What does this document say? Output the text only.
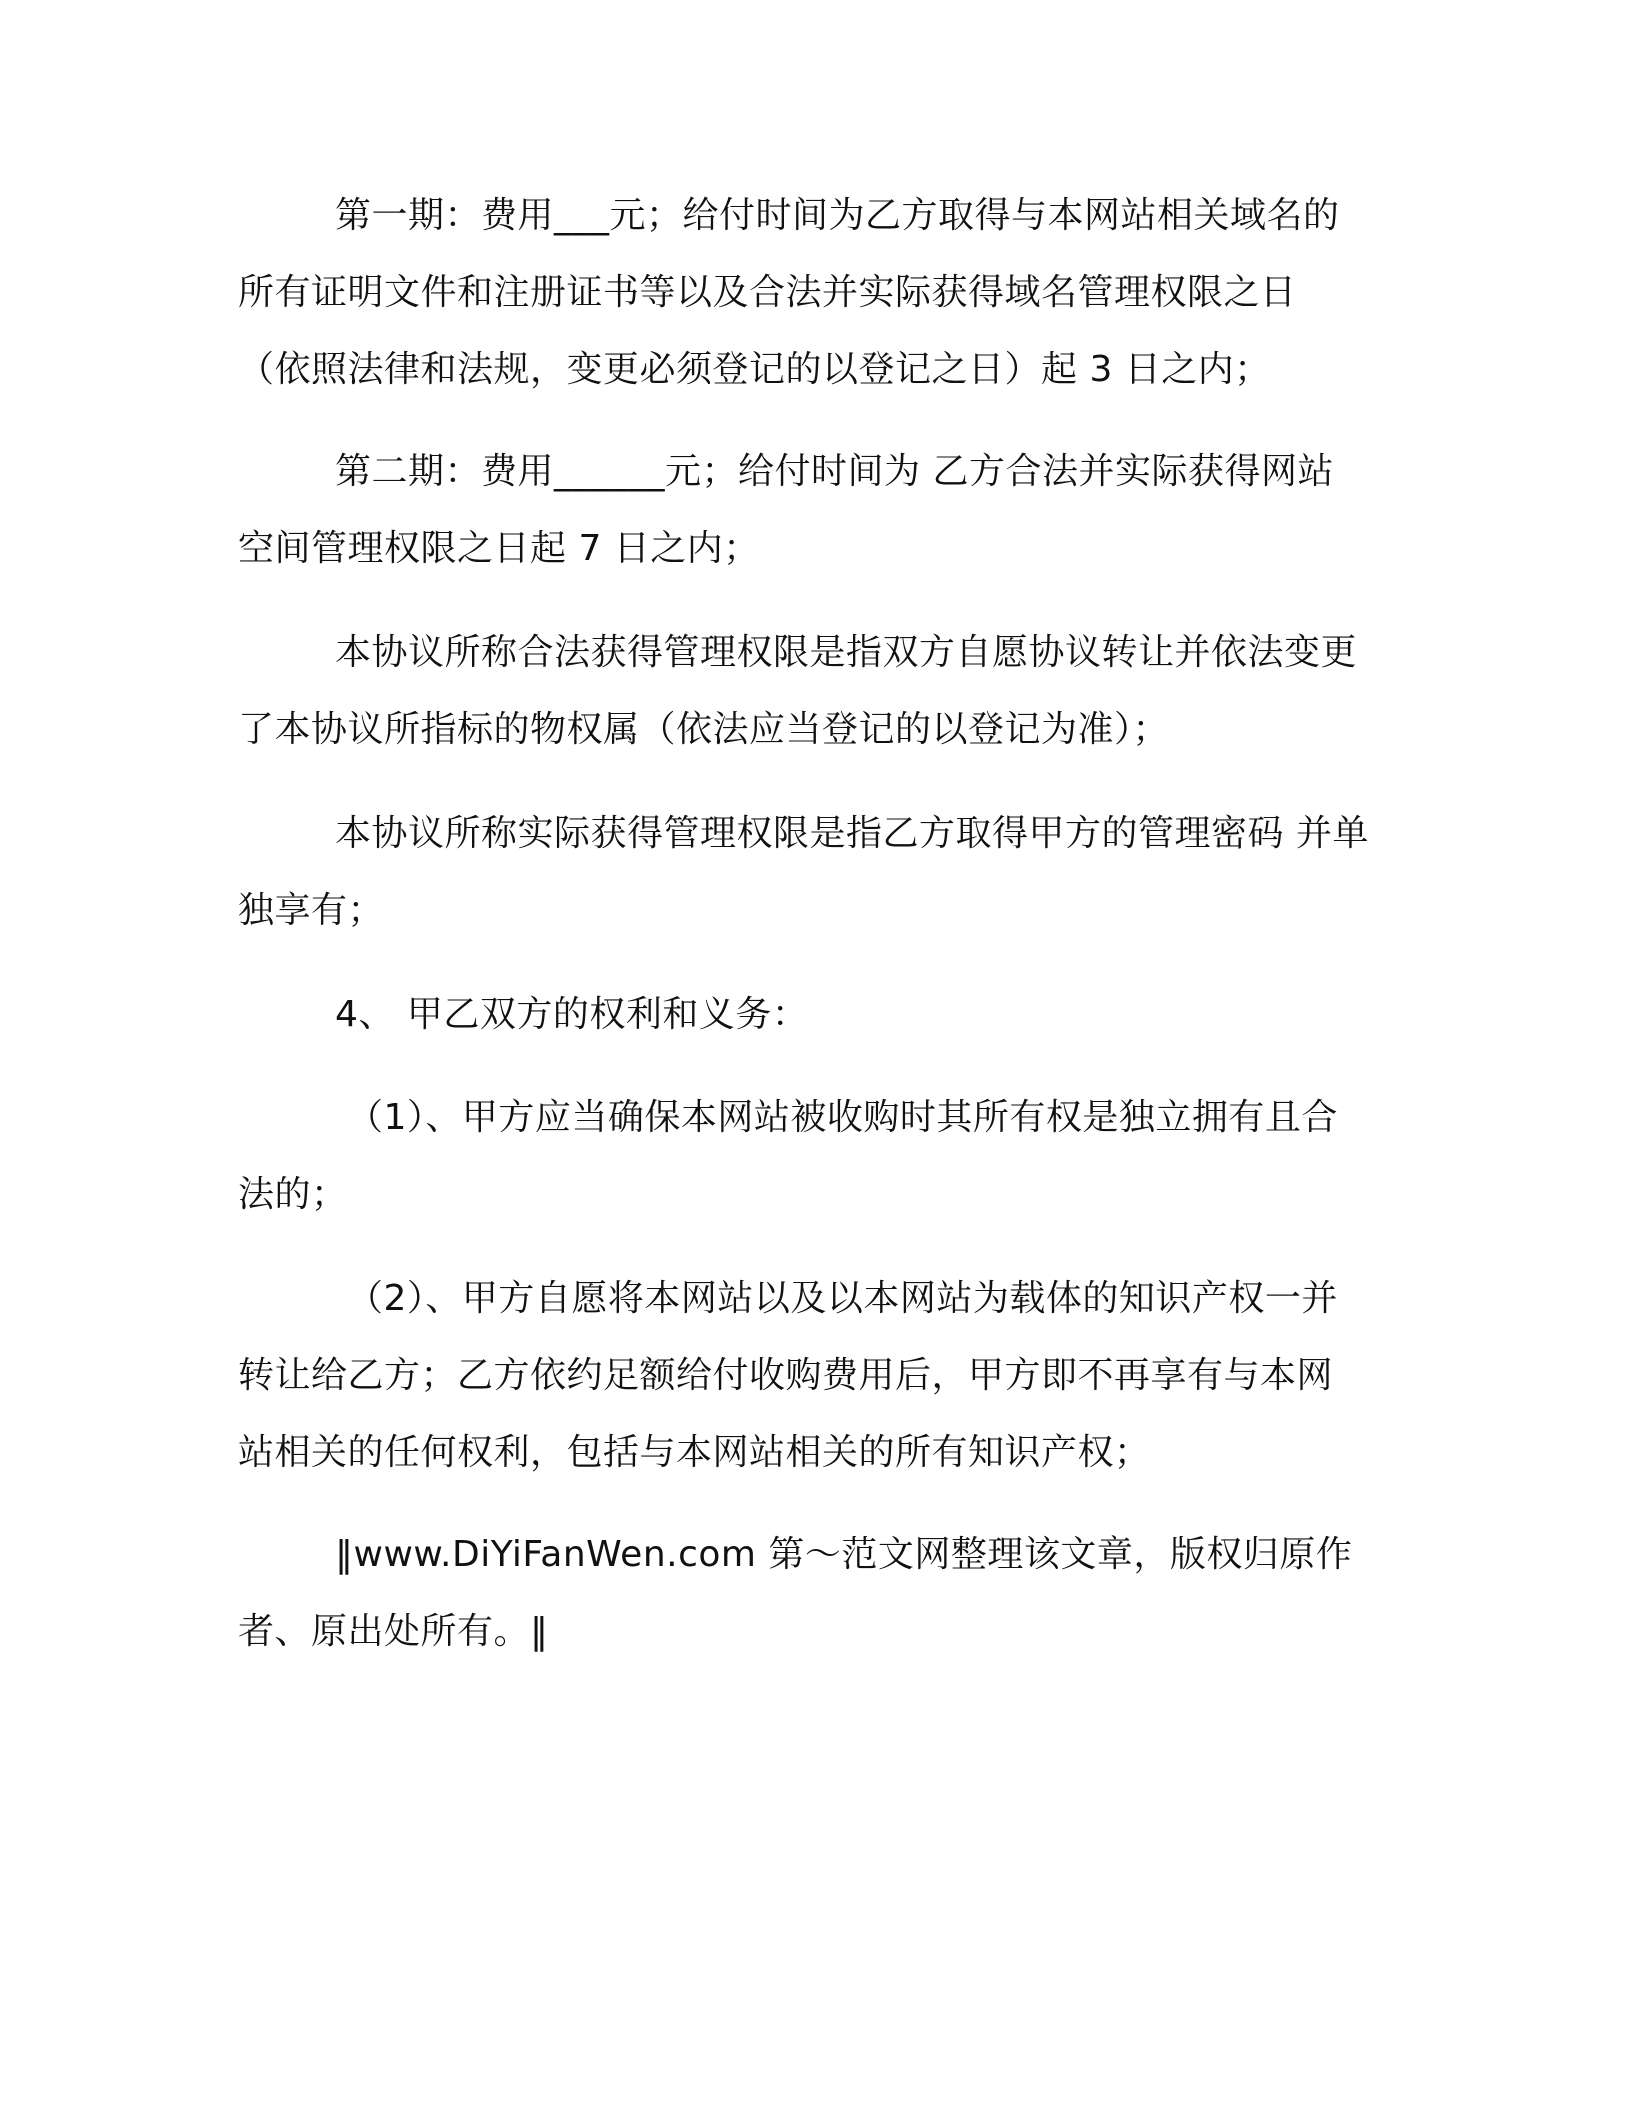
第一期：费用___元；给付时间为乙方取得与本网站相关域名的

所有证明文件和注册证书等以及合法并实际获得域名管理权限之日

（依照法律和法规，变更必须登记的以登记之日）起 3 日之内；

第二期：费用______元；给付时间为 乙方合法并实际获得网站

空间管理权限之日起 7 日之内；

本协议所称合法获得管理权限是指双方自愿协议转让并依法变更

了本协议所指标的物权属（依法应当登记的以登记为准）；

本协议所称实际获得管理权限是指乙方取得甲方的管理密码 并单

独享有；

4、 甲乙双方的权利和义务：

（1）、甲方应当确保本网站被收购时其所有权是独立拥有且合

法的；

（2）、甲方自愿将本网站以及以本网站为载体的知识产权一并

转让给乙方；乙方依约足额给付收购费用后，甲方即不再享有与本网

站相关的任何权利，包括与本网站相关的所有知识产权；

‖www.DiYiFanWen.com 第～范文网整理该文章，版权归原作

者、原出处所有。‖
